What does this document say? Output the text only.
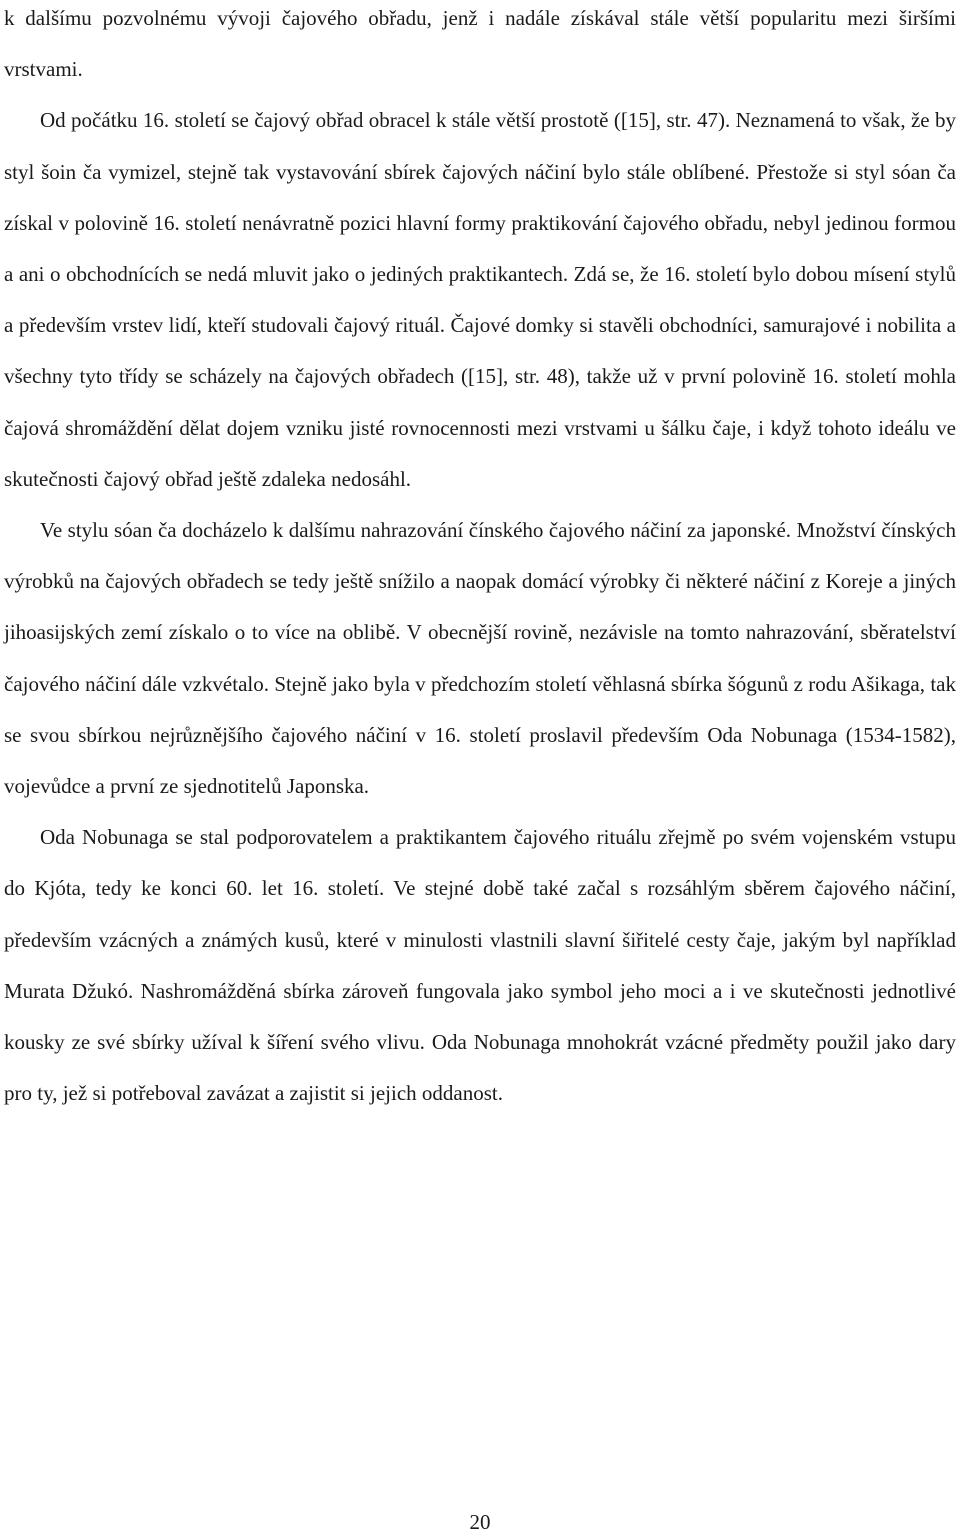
k dalšímu pozvolnému vývoji čajového obřadu, jenž i nadále získával stále větší popularitu mezi širšími vrstvami.

Od počátku 16. století se čajový obřad obracel k stále větší prostotě ([15], str. 47). Neznamená to však, že by styl šoin ča vymizel, stejně tak vystavování sbírek čajových náčiní bylo stále oblíbené. Přestože si styl sóan ča získal v polovině 16. století nenávratně pozici hlavní formy praktikování čajového obřadu, nebyl jedinou formou a ani o obchodnících se nedá mluvit jako o jediných praktikantech. Zdá se, že 16. století bylo dobou mísení stylů a především vrstev lidí, kteří studovali čajový rituál. Čajové domky si stavěli obchodníci, samurajové i nobilita a všechny tyto třídy se scházely na čajových obřadech ([15], str. 48), takže už v první polovině 16. století mohla čajová shromáždění dělat dojem vzniku jisté rovnocennosti mezi vrstvami u šálku čaje, i když tohoto ideálu ve skutečnosti čajový obřad ještě zdaleka nedosáhl.

Ve stylu sóan ča docházelo k dalšímu nahrazování čínského čajového náčiní za japonské. Množství čínských výrobků na čajových obřadech se tedy ještě snížilo a naopak domácí výrobky či některé náčiní z Koreje a jiných jihoasijských zemí získalo o to více na oblibě. V obecnější rovině, nezávisle na tomto nahrazování, sběratelství čajového náčiní dále vzkvétalo. Stejně jako byla v předchozím století věhlasná sbírka šógunů z rodu Ašikaga, tak se svou sbírkou nejrůznějšího čajového náčiní v 16. století proslavil především Oda Nobunaga (1534-1582), vojevůdce a první ze sjednotitelů Japonska.

Oda Nobunaga se stal podporovatelem a praktikantem čajového rituálu zřejmě po svém vojenském vstupu do Kjóta, tedy ke konci 60. let 16. století. Ve stejné době také začal s rozsáhlým sběrem čajového náčiní, především vzácných a známých kusů, které v minulosti vlastnili slavní šiřitelé cesty čaje, jakým byl například Murata Džukó. Nashromážděná sbírka zároveň fungovala jako symbol jeho moci a i ve skutečnosti jednotlivé kousky ze své sbírky užíval k šíření svého vlivu. Oda Nobunaga mnohokrát vzácné předměty použil jako dary pro ty, jež si potřeboval zavázat a zajistit si jejich oddanost.

20
